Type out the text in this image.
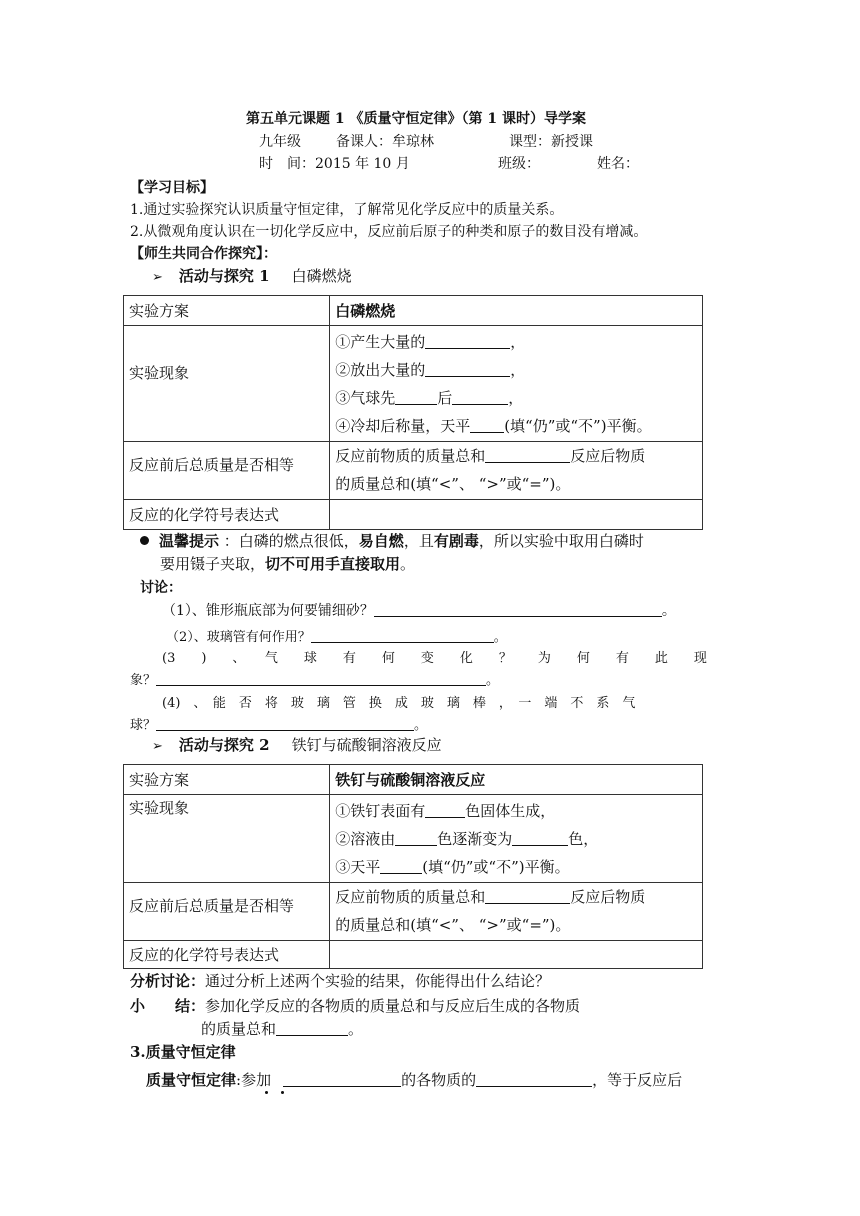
第五单元课题 1 《质量守恒定律》（第 1 课时）导学案
九年级	备课人：牟琼林	课型：新授课
时　间：2015 年 10 月	班级：	姓名：
【学习目标】
1.通过实验探究认识质量守恒定律，了解常见化学反应中的质量关系。
2.从微观角度认识在一切化学反应中，反应前后原子的种类和原子的数目没有增减。
【师生共同合作探究】：
➢ 活动与探究 1 白磷燃烧
实验方案	白磷燃烧
实验现象	①产生大量的 ，
②放出大量的 ，
③气球先 后 ，
④冷却后称量，天平 (填“仍”或“不”)平衡。

反应前后总质量是否相等	反应前物质的质量总和 反应后物质
的质量总和(填“<”、 “>”或“=”)。

反应的化学符号表达式	
温馨提示 ：白磷的燃点很低，易自燃，且有剧毒，所以实验中取用白磷时
要用镊子夹取，切不可用手直接取用。
讨论：
（1）、锥形瓶底部为何要铺细砂？	。
（2）、玻璃管有何作用？	。
(3　　)　　、　　气　　球　　有　　何　　变　　化　　？　　为　　何　　有　　此　　现
象？	。
(4)　、　能　否　将　玻　璃　管　换　成　玻　璃　棒　，　一　端　不　系　气
球？	。
➢ 活动与探究 2 铁钉与硫酸铜溶液反应
实验方案	铁钉与硫酸铜溶液反应
实验现象	①铁钉表面有 色固体生成，
②溶液由 色逐渐变为 色，
③天平 (填“仍”或“不”)平衡。

反应前后总质量是否相等	反应前物质的质量总和 反应后物质
的质量总和(填“<”、 “>”或“=”)。

反应的化学符号表达式	
分析讨论：通过分析上述两个实验的结果，你能得出什么结论？
小　　结：参加化学反应的各物质的质量总和与反应后生成的各物质
的质量总和	。
3.质量守恒定律
质量守恒定律:参加	的各物质的	，等于反应后
